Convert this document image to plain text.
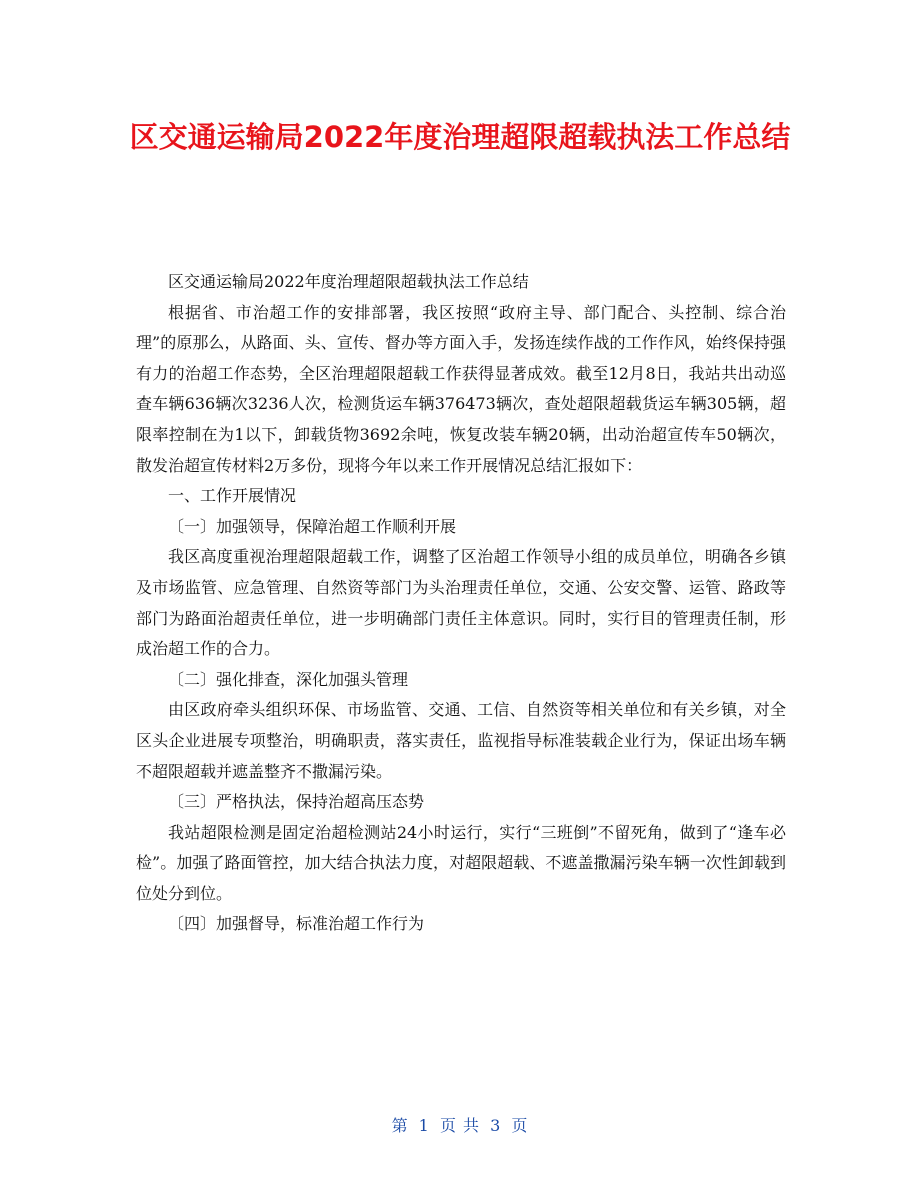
区交通运输局2022年度治理超限超载执法工作总结

区交通运输局2022年度治理超限超载执法工作总结

根据省、市治超工作的安排部署，我区按照“政府主导、部门配合、头控制、综合治理”的原那么，从路面、头、宣传、督办等方面入手，发扬连续作战的工作作风，始终保持强有力的治超工作态势，全区治理超限超载工作获得显著成效。截至12月8日，我站共出动巡查车辆636辆次3236人次，检测货运车辆376473辆次，查处超限超载货运车辆305辆，超限率控制在为1以下，卸载货物3692余吨，恢复改装车辆20辆，出动治超宣传车50辆次，散发治超宣传材料2万多份，现将今年以来工作开展情况总结汇报如下：

一、工作开展情况

〔一〕加强领导，保障治超工作顺利开展

我区高度重视治理超限超载工作，调整了区治超工作领导小组的成员单位，明确各乡镇及市场监管、应急管理、自然资等部门为头治理责任单位，交通、公安交警、运管、路政等部门为路面治超责任单位，进一步明确部门责任主体意识。同时，实行目的管理责任制，形成治超工作的合力。

〔二〕强化排查，深化加强头管理

由区政府牵头组织环保、市场监管、交通、工信、自然资等相关单位和有关乡镇，对全区头企业进展专项整治，明确职责，落实责任，监视指导标准装载企业行为，保证出场车辆不超限超载并遮盖整齐不撒漏污染。

〔三〕严格执法，保持治超高压态势

我站超限检测是固定治超检测站24小时运行，实行“三班倒”不留死角，做到了“逢车必检”。加强了路面管控，加大结合执法力度，对超限超载、不遮盖撒漏污染车辆一次性卸载到位处分到位。

〔四〕加强督导，标准治超工作行为

第 1 页 共 3 页
